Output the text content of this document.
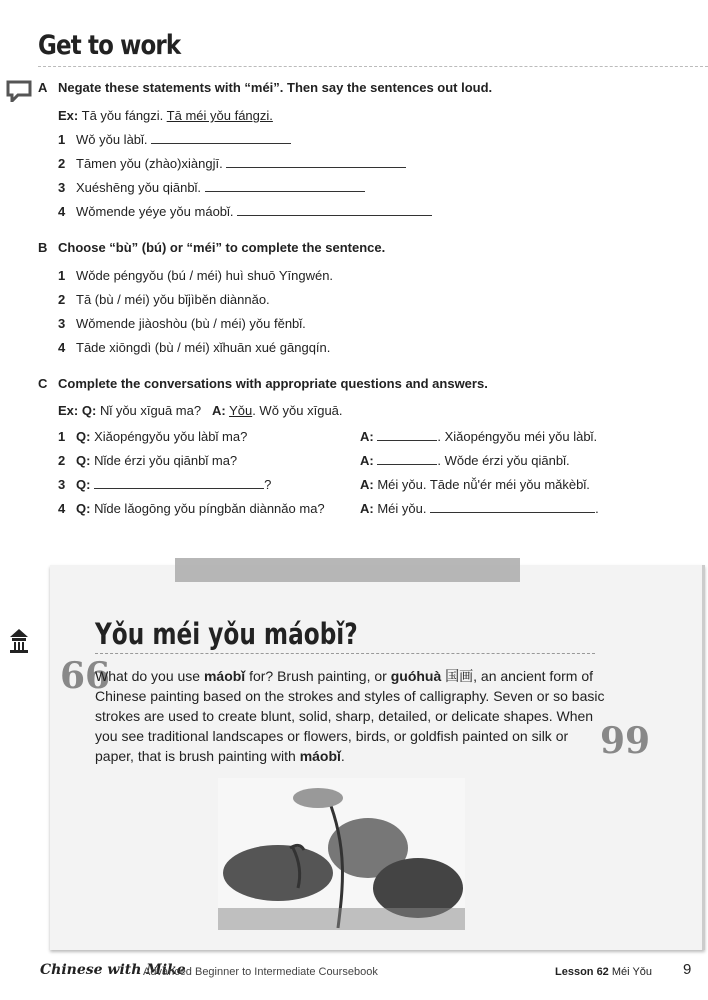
Get to work
A Negate these statements with “méi”. Then say the sentences out loud.
Ex: Tā yǒu fángzi. Tā méi yǒu fángzi.
1 Wǒ yǒu làbǐ.
2 Tāmen yǒu (zhào)xiàngjī.
3 Xuéshēng yǒu qiānbǐ.
4 Wǒmende yéye yǒu máobǐ.
B Choose “bù” (bú) or “méi” to complete the sentence.
1 Wǒde péngyǒu (bú / méi) huì shuō Yīngwén.
2 Tā (bù / méi) yǒu bǐjìběn diànnǎo.
3 Wǒmende jiàoshòu (bù / méi) yǒu fěnbǐ.
4 Tāde xiōngdì (bù / méi) xǐhuān xué gāngqín.
C Complete the conversations with appropriate questions and answers.
Ex: Q: Nǐ yǒu xīguā ma? A: Yǒu. Wǒ yǒu xīguā.
1 Q: Xiǎopéngyǒu yǒu làbǐ ma?	A:	. Xiǎopéngyǒu méi yǒu làbǐ.
2 Q: Nǐde érzi yǒu qiānbǐ ma?	A:	. Wǒde érzi yǒu qiānbǐ.
3 Q:	?	A: Méi yǒu. Tāde nǚ'ér méi yǒu mǎkèbǐ.
4 Q: Nǐde lǎogōng yǒu píngbǎn diànnǎo ma?	A: Méi yǒu.	.
Yǒu méi yǒu máobǐ?
66
What do you use máobǐ for? Brush painting, or guóhuà 国画, an ancient form of Chinese painting based on the strokes and styles of calligraphy. Seven or so basic strokes are used to create blunt, solid, sharp, detailed, or delicate shapes. When you see traditional landscapes or flowers, birds, or goldfish painted on silk or paper, that is brush painting with máobǐ.	99
Chinese with Mike
Advanced Beginner to Intermediate Coursebook	Lesson 62 Méi Yǒu 9
